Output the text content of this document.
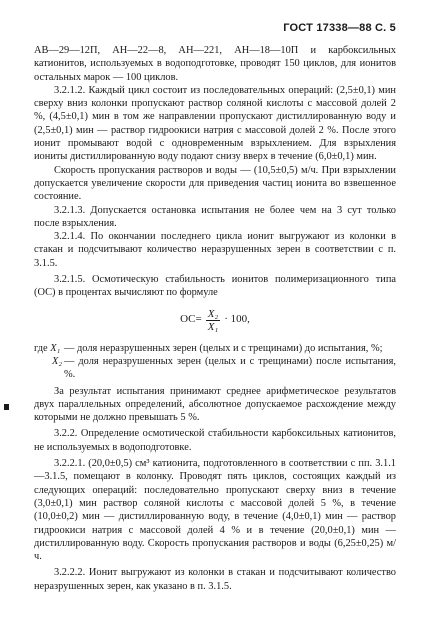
ГОСТ 17338—88 С. 5

АВ—29—12П, АН—22—8, АН—221, АН—18—10П и карбоксильных катионитов, используемых в водоподготовке, проводят 150 циклов, для ионитов остальных марок — 100 циклов.

3.2.1.2. Каждый цикл состоит из последовательных операций: (2,5±0,1) мин сверху вниз колонки пропускают раствор соляной кислоты с массовой долей 2 %, (4,5±0,1) мин в том же направлении пропускают дистиллированную воду и (2,5±0,1) мин — раствор гидроокиси натрия с массовой долей 2 %. После этого ионит промывают водой с одновременным взрыхлением. Для взрыхления иониты дистиллированную воду подают снизу вверх в течение (6,0±0,1) мин.

Скорость пропускания растворов и воды — (10,5±0,5) м/ч. При взрыхлении допускается увеличение скорости для приведения частиц ионита во взвешенное состояние.

3.2.1.3. Допускается остановка испытания не более чем на 3 сут только после взрыхления.

3.2.1.4. По окончании последнего цикла ионит выгружают из колонки в стакан и подсчитывают количество неразрушенных зерен в соответствии с п. 3.1.5.

3.2.1.5. Осмотическую стабильность ионитов полимеризационного типа (ОС) в процентах вычисляют по формуле

$ОС= \frac{\text{X₂}}{\text{X₁}} \cdot 100$,
где X₁ — доля неразрушенных зерен (целых и с трещинами) до испытания, %;
X₂ — доля неразрушенных зерен (целых и с трещинами) после испытания, %.

За результат испытания принимают среднее арифметическое результатов двух параллельных определений, абсолютное допускаемое расхождение между которыми не должно превышать 5 %.

3.2.2. Определение осмотической стабильности карбоксильных катионитов, не используемых в водоподготовке.

3.2.2.1. (20,0±0,5) см³ катионита, подготовленного в соответствии с пп. 3.1.1—3.1.5, помещают в колонку. Проводят пять циклов, состоящих каждый из следующих операций: последовательно пропускают сверху вниз в течение (3,0±0,1) мин раствор соляной кислоты с массовой долей 5 %, в течение (10,0±0,2) мин — дистиллированную воду, в течение (4,0±0,1) мин — раствор гидроокиси натрия с массовой долей 4 % и в течение (20,0±0,1) мин — дистиллированную воду. Скорость пропускания растворов и воды (6,25±0,25) м/ч.

3.2.2.2. Ионит выгружают из колонки в стакан и подсчитывают количество неразрушенных зерен, как указано в п. 3.1.5.
